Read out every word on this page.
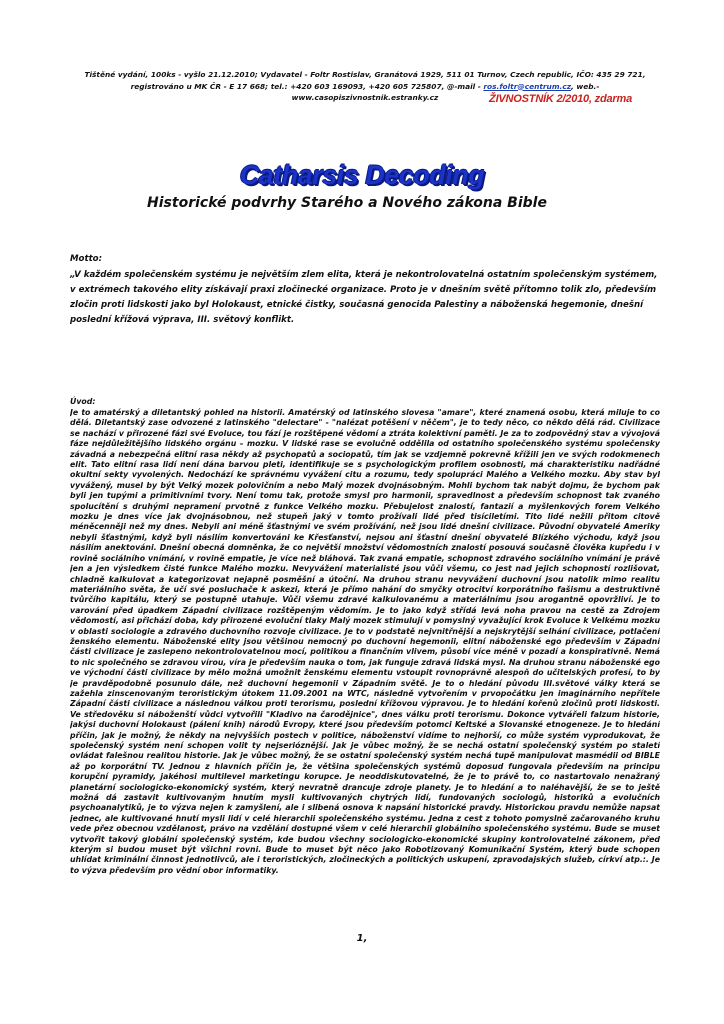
Tištěné vydání, 100ks - vyšlo 21.12.2010; Vydavatel - Foltr Rostislav, Granátová 1929, 511 01 Turnov, Czech republic, IČO: 435 29 721,
registrováno u MK ČR - E 17 668; tel.: +420 603 169093, +420 605 725807, @-mail - ros.foltr@centrum.cz, web.- www.casopiszivnostnik.estranky.cz	ŽIVNOSTNÍK 2/2010, zdarma
Catharsis Decoding
Historické podvrhy Starého a Nového zákona Bible
Motto:
„V každém společenském systému je největším zlem elita, která je nekontrolovatelná ostatním společenským systémem, v extrémech takového elity získávají praxi zločinecké organizace. Proto je v dnešním světě přítomno tolik zlo, především zločin proti lidskosti jako byl Holokaust, etnické čistky, současná genocida Palestiny a náboženská hegemonie, dnešní poslední křížová výprava, III. světový konflikt.
Úvod:
Je to amatérský a diletantský pohled na historii. Amatérský od latinského slovesa "amare", které znamená osobu, která miluje to co dělá. Diletantský zase odvozené z latinského "delectare" - "nalézat potěšení v něčem", je to tedy něco, co někdo dělá rád. Civilizace se nachází v přirozené fázi své Evoluce, tou fází je rozštěpené vědomí a ztráta kolektivní paměti. Je za to zodpovědný stav a vývojová fáze nejdůležitějšího lidského orgánu – mozku. V lidské rase se evolučně oddělila od ostatního společenského systému společensky závadná a nebezpečná elitní rasa někdy až psychopatů a sociopatů, tím jak se vzdjemně pokrevně křížili jen ve svých rodokmenech elit. Tato elitní rasa lidí není dána barvou pleti, identifikuje se s psychologickým profilem osobnosti, má charakteristiku nadřádné okultní sekty vyvolených. Nedochází ke správnému vyvážení citu a rozumu, tedy spolupráci Malého a Velkého mozku. Aby stav byl vyvážený, musel by být Velký mozek polovičním a nebo Malý mozek dvojnásobným. Mohli bychom tak nabýt dojmu, že bychom pak byli jen tupými a primitivními tvory. Není tomu tak, protože smysl pro harmonii, spravedlnost a především schopnost tak zvaného spolucítění s druhými nepramení prvotně z funkce Velkého mozku. Přebujelost znalostí, fantazií a myšlenkových forem Velkého mozku je dnes více jak dvojnásobnou, než stupeň jaký v tomto prožívali lidé před tisíciletími. Tito lidé nežili přitom citově méněcenněji než my dnes. Nebyli ani méně šťastnými ve svém prožívání, než jsou lidé dnešní civilizace. Původní obyvatelé Ameriky nebyli šťastnými, když byli násilím konvertováni ke Křesťanství, nejsou ani šťastní dnešní obyvatelé Blízkého východu, když jsou násilím anektováni. Dnešní obecná domněnka, že co největší množství vědomostních znalostí posouvá současně člověka kupředu i v rovině sociálního vnímání, v rovině empatie, je více než bláhová. Tak zvaná empatie, schopnost zdravého sociálního vnímání je právě jen a jen výsledkem čisté funkce Malého mozku. Nevyvážení materialisté jsou vůči všemu, co jest nad jejich schopností rozlišovat, chladně kalkulovat a kategorizovat nejapně posměšní a útoční. Na druhou stranu nevyvážení duchovní jsou natolik mimo realitu materiálního světa, že učí své posluchače k askezi, která je přímo nahání do smyčky otrocitví korporátního fašismu a destruktivně tvůrčího kapitálu, který se postupně utahuje. Vůči všemu zdravé kalkulovanému a materiálnímu jsou arogantně opovržliví. Je to varování před úpadkem Západní civilizace rozštěpeným vědomím. Je to jako když střídá levá noha pravou na cestě za Zdrojem vědomostí, asi přichází doba, kdy přirozené evoluční tlaky Malý mozek stimulují v pomyslný vyvažující krok Evoluce k Velkému mozku v oblasti sociologie a zdravého duchovního rozvoje civilizace. Je to v podstatě nejvnitřnější a nejskrytější selhání civilizace, potlačení ženského elementu. Náboženské elity jsou většinou nemocný po duchovní hegemonii, elitní náboženské ego především v Západní části civilizace je zaslepeno nekontrolovatelnou mocí, politikou a finančním vlivem, působí více méně v pozadí a konspirativně. Nemá to nic společného se zdravou vírou, víra je především nauka o tom, jak funguje zdravá lidská mysl. Na druhou stranu náboženské ego ve východní části civilizace by mělo možná umožnit ženskému elementu vstoupit rovnoprávně alespoň do učitelských profesí, to by je pravděpodobně posunulo dále, než duchovní hegemonii v Západním světě. Je to o hledání původu III.světové války která se zažehla zinscenovaným teroristickým útokem 11.09.2001 na WTC, následně vytvořením v prvopočátku jen imaginárního nepřítele Západní části civilizace a následnou válkou proti terorismu, poslední křížovou výpravou. Je to hledání kořenů zločinů proti lidskosti. Ve středověku si náboženští vůdci vytvořili "Kladivo na čarodějnice", dnes válku proti terorismu. Dokonce vytvářeli falzum historie, jakýsi duchovní Holokaust (pálení knih) národů Evropy, které jsou především potomci Keltské a Slovanské etnogeneze. Je to hledání příčin, jak je možný, že někdy na nejvyšších postech v politice, náboženství vidíme to nejhorší, co může systém vyprodukovat, že společenský systém není schopen volit ty nejserióznější. Jak je vůbec možný, že se nechá ostatní společenský systém po staletí ovládat falešnou realitou historie. Jak je vůbec možný, že se ostatní společenský systém nechá tupě manipulovat masmédii od BIBLE až po korporátní TV. Jednou z hlavních příčin je, že většina společenských systémů doposud fungovala především na principu korupční pyramidy, jakéhosi multilevel marketingu korupce. Je neoddiskutovatelné, že je to právě to, co nastartovalo nenažraný planetární sociologicko-ekonomický systém, který nevratně drancuje zdroje planety. Je to hledání a to naléhavější, že se to ještě možná dá zastavit kultivovaným hnutím mysli kultivovaných chytrých lidí, fundovaných sociologů, historiků a evolučních psychoanalytiků, je to výzva nejen k zamyšlení, ale i slibená osnova k napsání historické pravdy. Historickou pravdu nemůže napsat jednec, ale kultivované hnutí mysli lidí v celé hierarchii společenského systému. Jedna z cest z tohoto pomyslně začarovaného kruhu vede přez obecnou vzdělanost, právo na vzdělání dostupné všem v celé hierarchii globálního společenského systému. Bude se muset vytvořit takový globální společenský systém, kde budou všechny sociologicko-ekonomické skupiny kontrolovatelné zákonem, před kterým si budou muset být všichni rovni. Bude to muset být něco jako Robotizovaný Komunikační Systém, který bude schopen uhlídat kriminální činnost jednotlivců, ale i teroristických, zločineckých a politických uskupení, zpravodajských služeb, církví atp.:. Je to výzva především pro vědní obor informatiky.
1,
